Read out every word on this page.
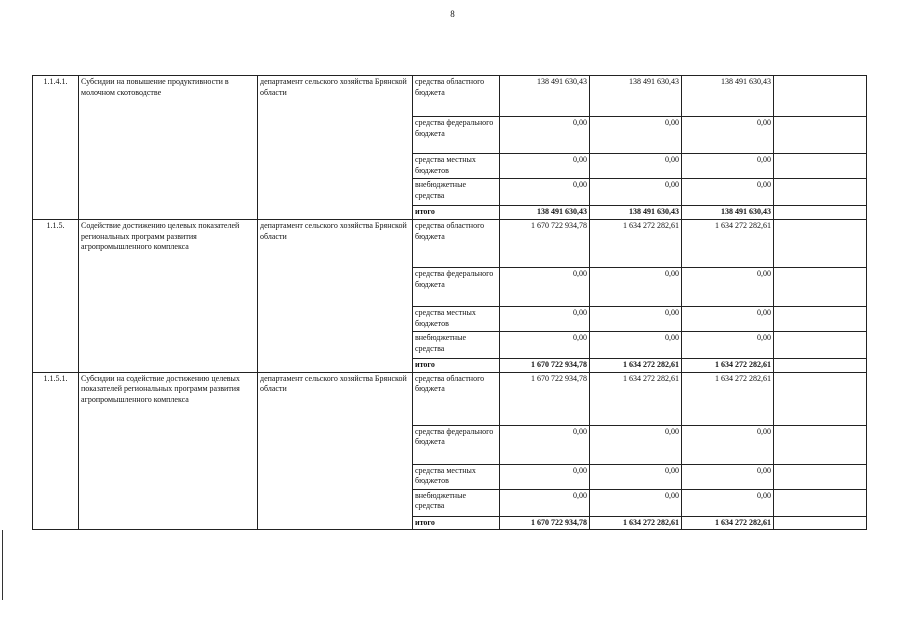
8
1.1.4.1.	Субсидии на повышение продуктивности в молочном скотоводстве	департамент сельского хозяйства Брянской области	средства областного бюджета	138 491 630,43	138 491 630,43	138 491 630,43	
			средства федерального бюджета	0,00	0,00	0,00	
			средства местных бюджетов	0,00	0,00	0,00	
			внебюджетные средства	0,00	0,00	0,00	
			итого	138 491 630,43	138 491 630,43	138 491 630,43	
1.1.5.	Содействие достижению целевых показателей региональных программ развития агропромышленного комплекса	департамент сельского хозяйства Брянской области	средства областного бюджета	1 670 722 934,78	1 634 272 282,61	1 634 272 282,61	
			средства федерального бюджета	0,00	0,00	0,00	
			средства местных бюджетов	0,00	0,00	0,00	
			внебюджетные средства	0,00	0,00	0,00	
			итого	1 670 722 934,78	1 634 272 282,61	1 634 272 282,61	
1.1.5.1.	Субсидии на содействие достижению целевых показателей региональных программ развития агропромышленного комплекса	департамент сельского хозяйства Брянской области	средства областного бюджета	1 670 722 934,78	1 634 272 282,61	1 634 272 282,61	
			средства федерального бюджета	0,00	0,00	0,00	
			средства местных бюджетов	0,00	0,00	0,00	
			внебюджетные средства	0,00	0,00	0,00	
			итого	1 670 722 934,78	1 634 272 282,61	1 634 272 282,61	
